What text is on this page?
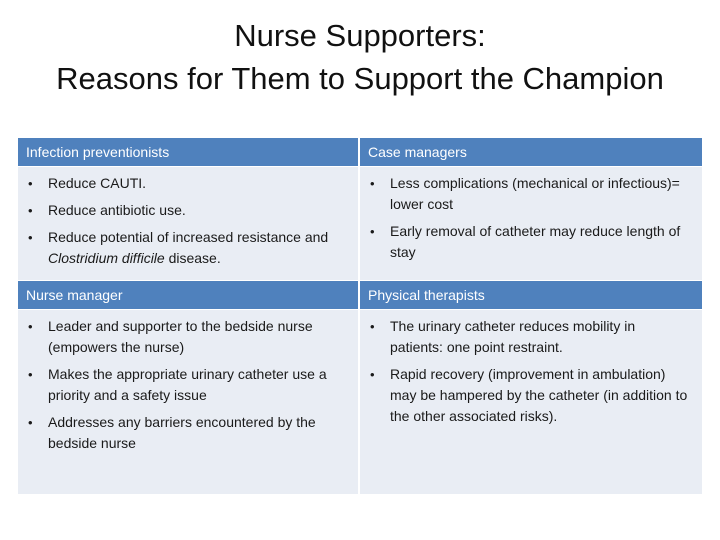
Nurse Supporters:
Reasons for Them to Support the Champion
Infection preventionists	Case managers
• Reduce CAUTI.
• Reduce antibiotic use.
• Reduce potential of increased resistance and Clostridium difficile disease.
• Less complications (mechanical or infectious)= lower cost
• Early removal of catheter may reduce length of stay
Nurse manager	Physical therapists
• Leader and supporter to the bedside nurse (empowers the nurse)
• Makes the appropriate urinary catheter use a priority and a safety issue
• Addresses any barriers encountered by the bedside nurse
• The urinary catheter reduces mobility in patients: one point restraint.
• Rapid recovery (improvement in ambulation) may be hampered by the catheter (in addition to the other associated risks).
